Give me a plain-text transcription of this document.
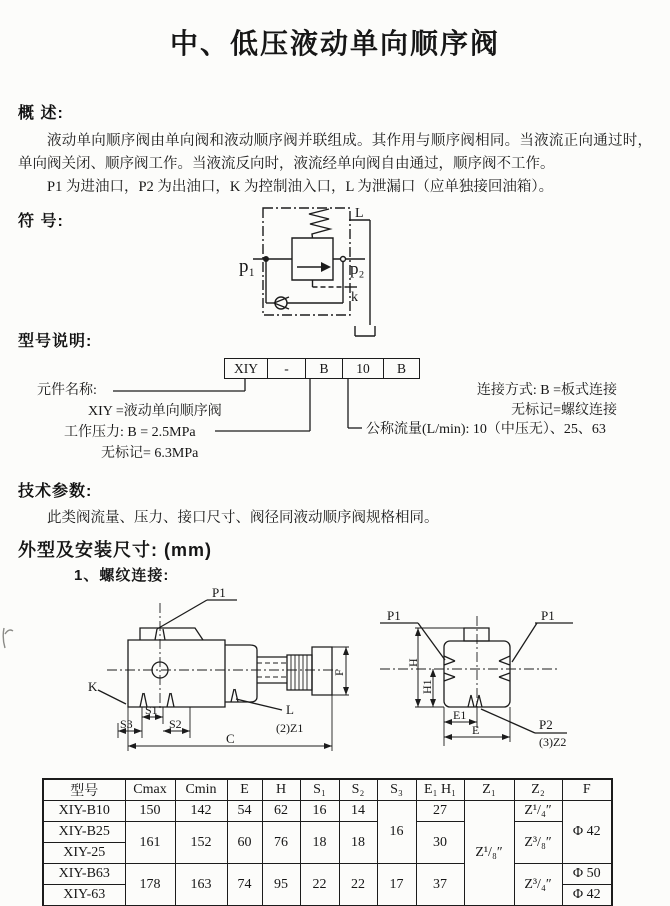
中、低压液动单向顺序阀
概 述:
液动单向顺序阀由单向阀和液动顺序阀并联组成。其作用与顺序阀相同。当液流正向通过时，单向阀关闭、顺序阀工作。当液流反向时，液流经单向阀自由通过，顺序阀不工作。
P1 为进油口，P2 为出油口，K 为控制油入口，L 为泄漏口（应单独接回油箱）。
符 号:
p₁	p₂
L
k
型号说明:
XIY	-	B	10	B
元件名称:
XIY =液动单向顺序阀
工作压力: B = 2.5MPa
无标记= 6.3MPa
连接方式: B =板式连接
无标记=螺纹连接
公称流量(L/min): 10（中压无）、25、63
技术参数:
此类阀流量、压力、接口尺寸、阀径同液动顺序阀规格相同。
外型及安装尺寸: (mm)
1、螺纹连接:
P1
K
S1
S2
S3
C
L
(2)Z1
F
P1	P1
H
H1
E1
E	P2
(3)Z2
型号	Cmax	Cmin	E	H	S₁	S₂	S₃	E₁ H₁	Z₁	Z₂	F
XIY-B10	150	142	54	62	16	14	16	27	Z¹/₈″	Z¹/₄″	Φ 42
XIY-B25	161	152	60	76	18	18		30		Z³/₈″	
XIY-25											
XIY-B63	178	163	74	95	22	22	17	37		Z³/₄″	Φ 50
XIY-63											Φ 42
